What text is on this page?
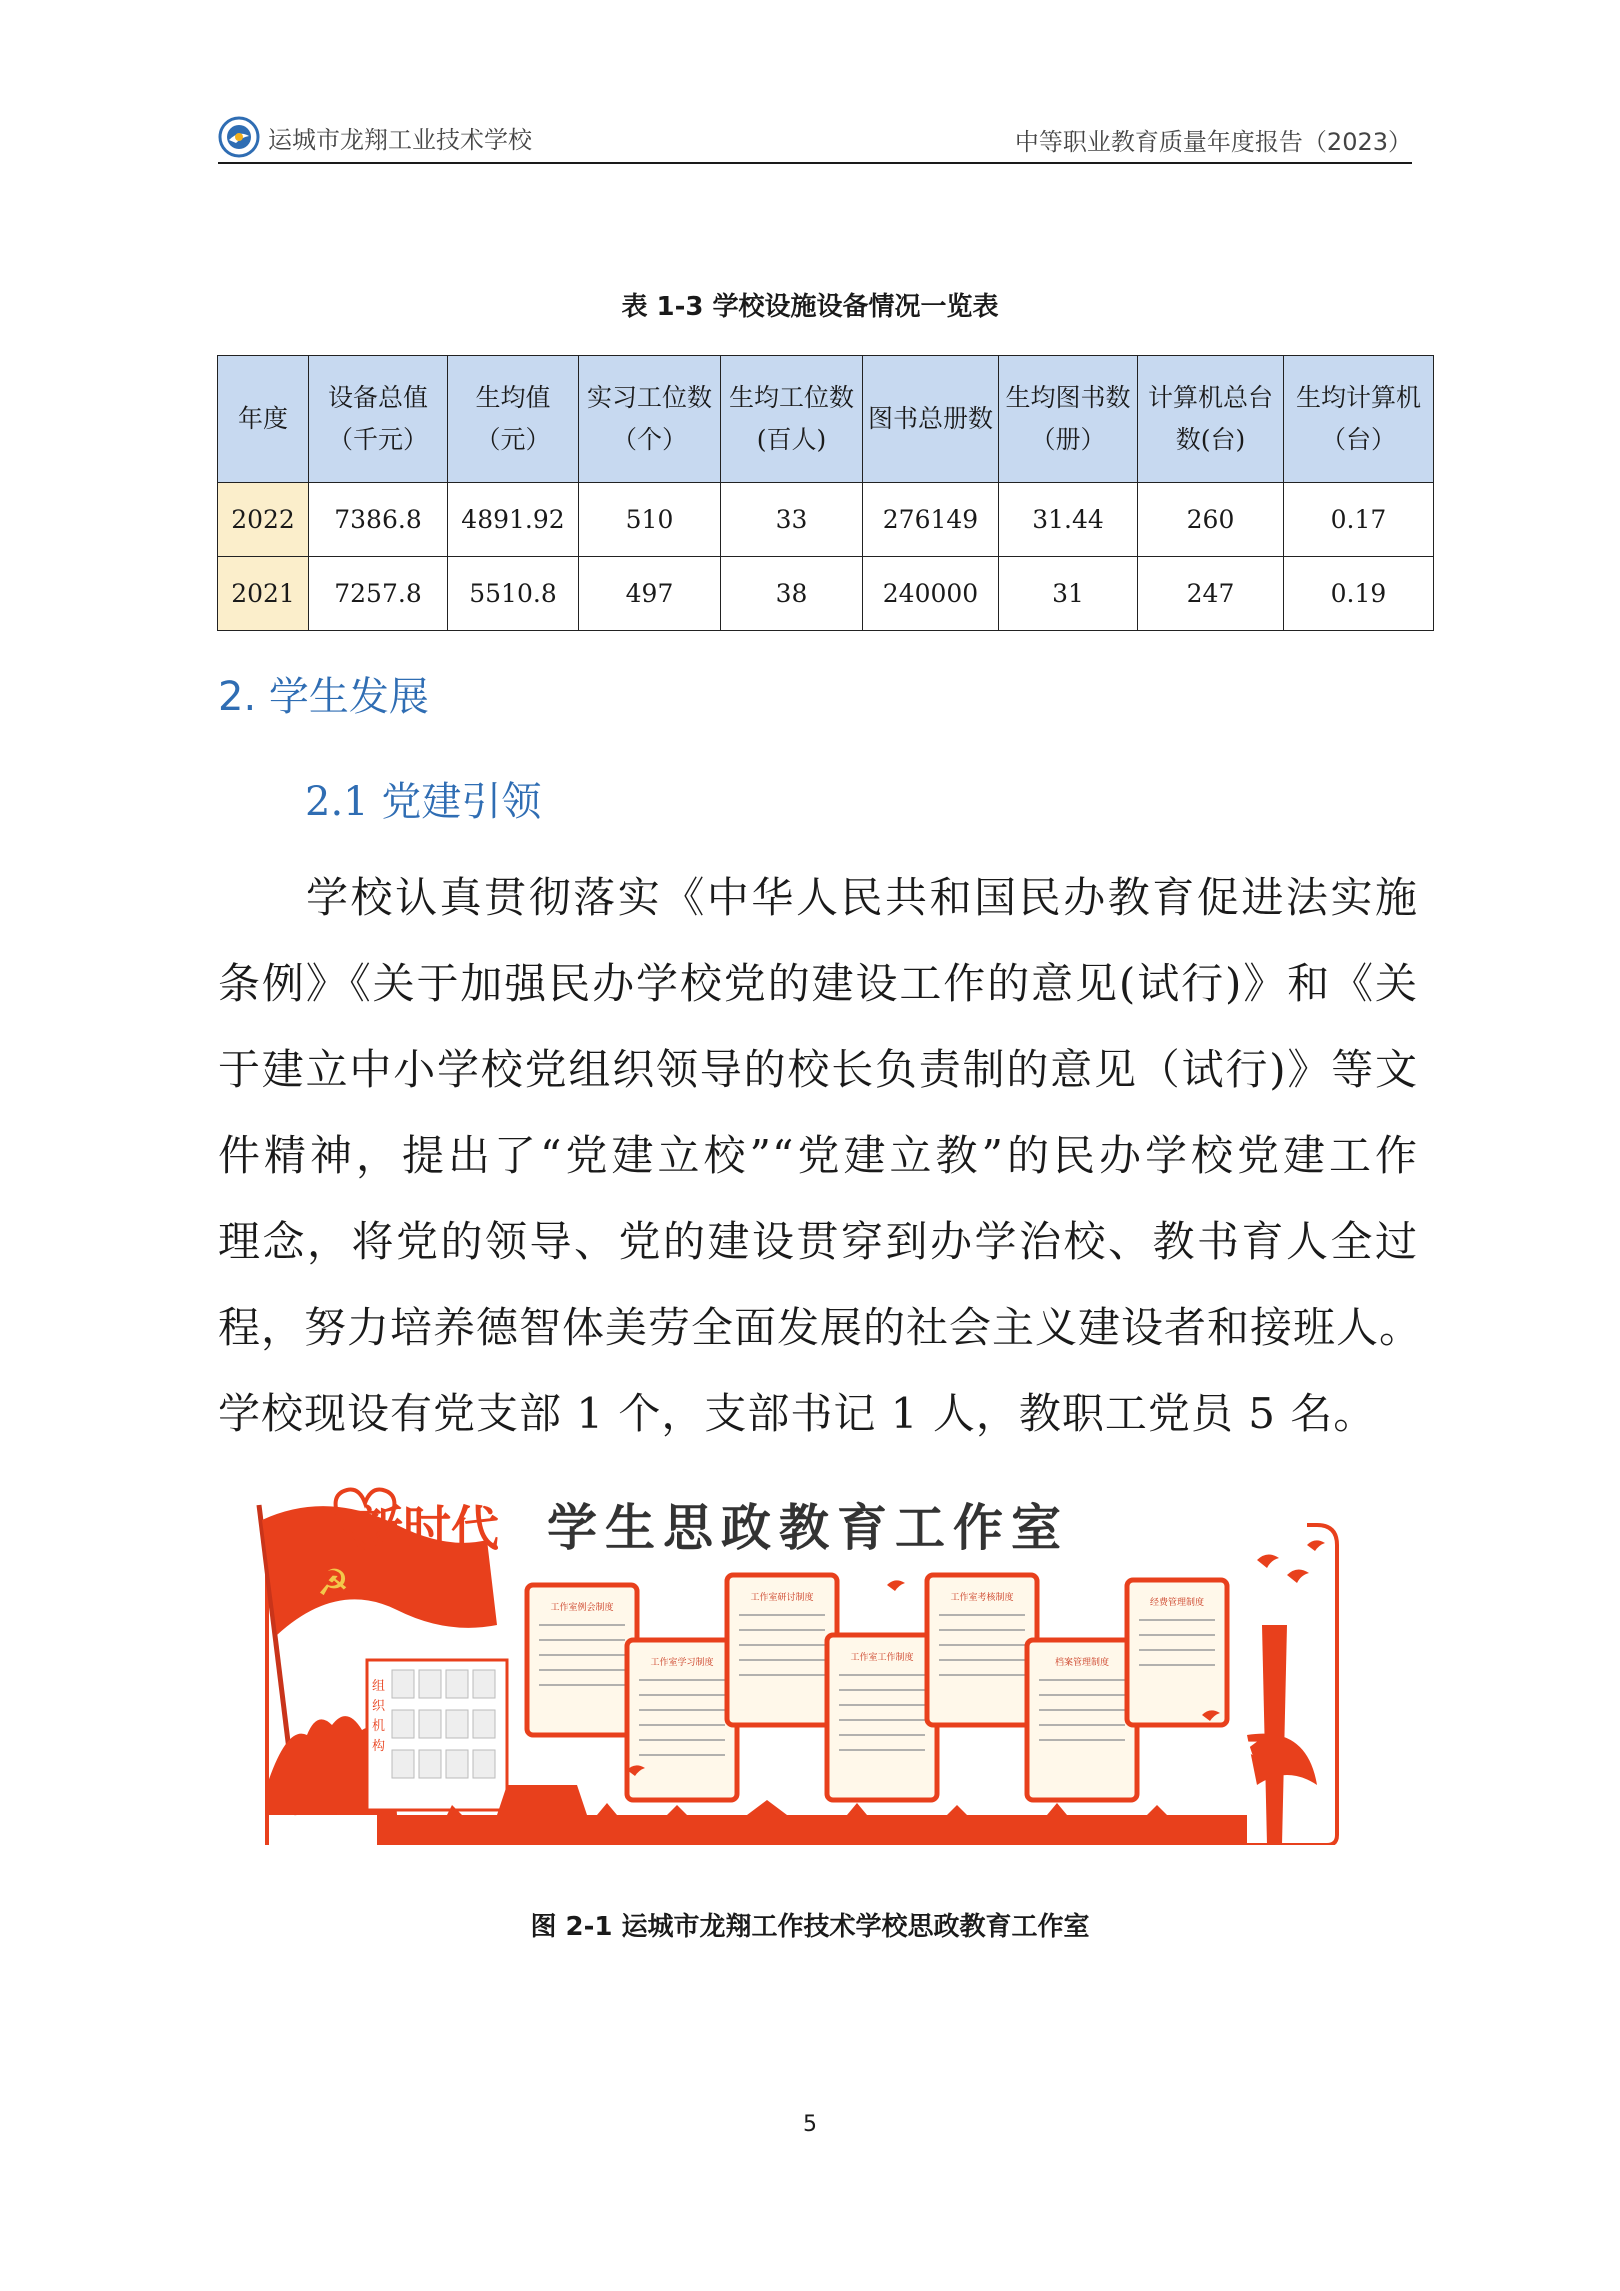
运城市龙翔工业技术学校	中等职业教育质量年度报告（2023）
表 1-3 学校设施设备情况一览表
年度	设备总值（千元）	生均值（元）	实习工位数（个）	生均工位数(百人)	图书总册数	生均图书数（册）	计算机总台数(台)	生均计算机（台）
2022	7386.8	4891.92	510	33	276149	31.44	260	0.17
2021	7257.8	5510.8	497	38	240000	31	247	0.19
2. 学生发展
2.1 党建引领
学校认真贯彻落实《中华人民共和国民办教育促进法实施
条例》《关于加强民办学校党的建设工作的意见(试行)》和《关
于建立中小学校党组织领导的校长负责制的意见（试行)》等文
件精神，提出了“党建立校”“党建立教”的民办学校党建工作
理念，将党的领导、党的建设贯穿到办学治校、教书育人全过
程，努力培养德智体美劳全面发展的社会主义建设者和接班人。
学校现设有党支部 1 个，支部书记 1 人，教职工党员 5 名。
☭
组织机构
新时代 学生思政教育工作室
工作室例会制度
工作室学习制度
工作室研讨制度
工作室工作制度
工作室考核制度
档案管理制度
经费管理制度
★
图 2-1 运城市龙翔工作技术学校思政教育工作室
5
